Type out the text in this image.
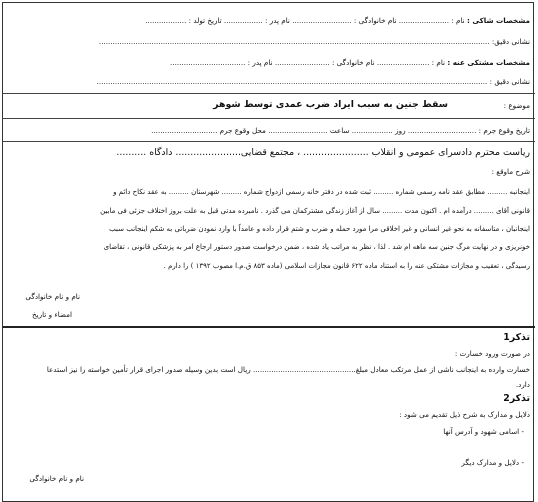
مشخصات شاکی : نام : ...................... نام خانوادگی : .......................... نام پدر : ................. تاریخ تولد : ..................
نشانی دقیق: ...........................................................................................................................................................................
مشخصات مشتکی عنه : نام : ....................... نام خانوادگی : ........................ نام پدر : .................................
نشانی دقیق : ...........................................................................................................................................................................
موضوع :
سقط جنین به سبب ایراد ضرب عمدی توسط شوهر
تاریخ وقوع جرم : .............................. روز .................. ساعت .......................... محل وقوع جرم .............................
ریاست محترم دادسرای عمومی و انقلاب ...................... ، مجتمع قضایی...................... دادگاه ..........
شرح ماوقع :
اینجانبه ......... مطابق عقد نامه رسمی شماره ......... ثبت شده در دفتر خانه رسمی ازدواج شماره ......... شهرستان ......... به عقد نکاح دائم و
قانونی آقای ......... درآمده ام . اکنون مدت ......... سال از آغاز زندگی مشترکمان می گذرد . نامبرده مدتی قبل به علت بروز اختلاف جزئی فی مابین
اینجانبان ، متاسفانه به نحو غیر انسانی و غیر اخلاقی مرا مورد حمله و ضرب و شتم قرار داده و عامداً با وارد نمودن ضرباتی به شکم اینجانب سبب
خونریزی و در نهایت مرگ جنین سه ماهه ام شد . لذا ، نظر به مراتب یاد شده ، ضمن درخواست صدور دستور ارجاع امر به پزشکی قانونی ، تقاضای
رسیدگی ، تعقیب و مجازات مشتکی عنه را به استناد ماده ۶۲۲ قانون مجازات اسلامی (ماده ۸۵۳ ق.م.ا مصوب ۱۳۹۲ ) را دارم .
نام و نام خانوادگی
امضاء و تاریخ
تذکر1
در صورت ورود خسارت :
خسارت وارده به اینجانب ناشی از عمل مرتکب معادل مبلغ............................................. ریال است بدین وسیله صدور اجرای قرار تأمین خواسته را نیز استدعا
دارد.
تذکر2
دلایل و مدارک به شرح ذیل تقدیم می شود :
- اسامی شهود و آدرس آنها
- دلایل و مدارک دیگر
نام و نام خانوادگی
